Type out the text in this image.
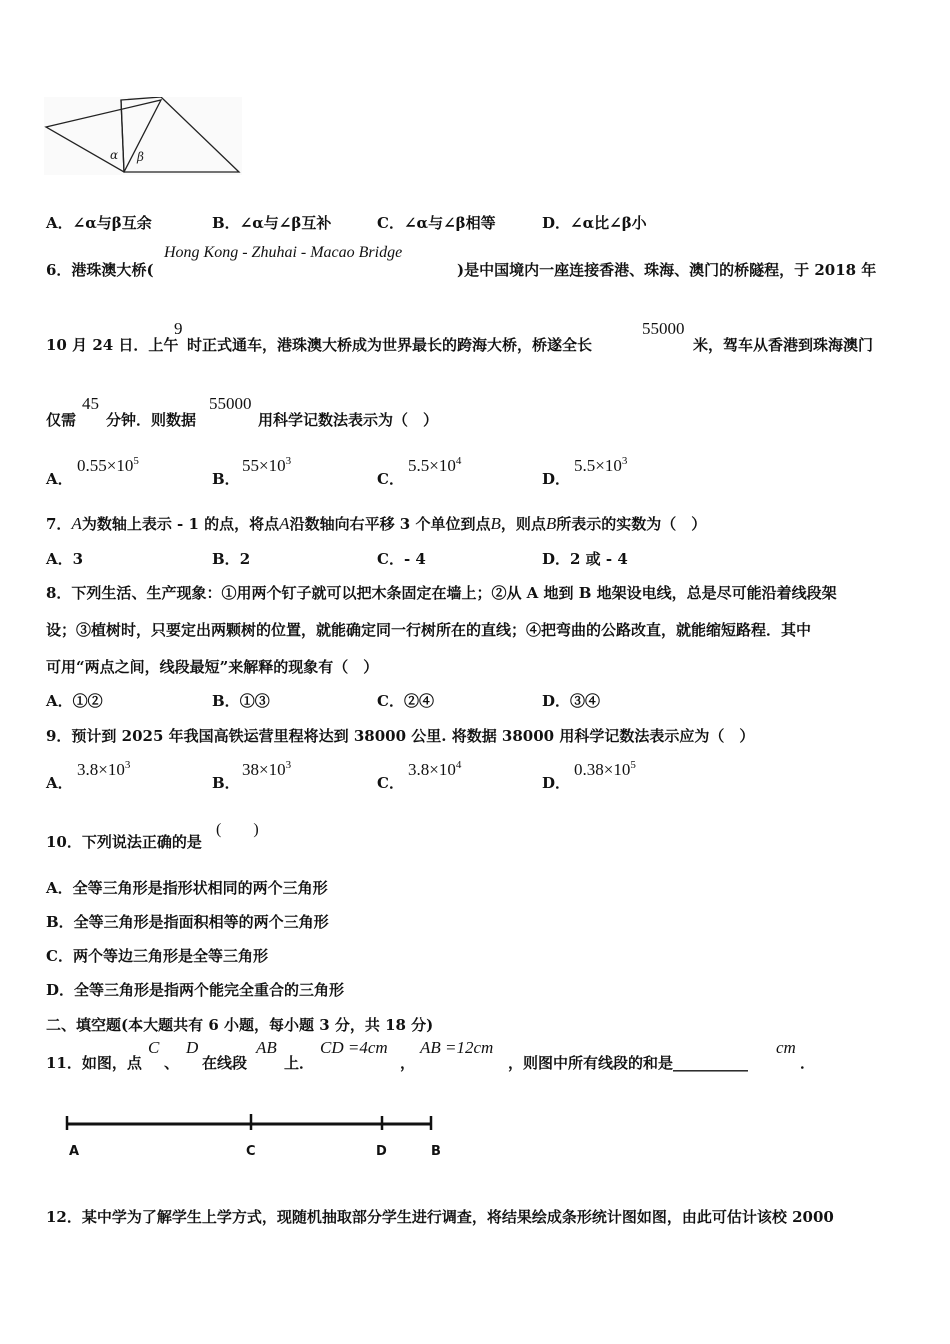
α β
A．∠α与β互余	B．∠α与∠β互补	C．∠α与∠β相等	D．∠α比∠β小
6．港珠澳大桥(
Hong Kong - Zhuhai - Macao Bridge
)是中国境内一座连接香港、珠海、澳门的桥隧程，于 2018 年
10 月 24 日．上午
9
时正式通车，港珠澳大桥成为世界最长的跨海大桥，桥遂全长
55000
米，驾车从香港到珠海澳门
仅需
45
分钟．则数据
55000
用科学记数法表示为（　）
A．
$0.55\times 10^5$
B．
$55\times 10^3$
C．
$5.5\times 10^4$
D．
$5.5\times 10^3$
7．A为数轴上表示 - 1 的点，将点A沿数轴向右平移 3 个单位到点B，则点B所表示的实数为（　）
A．3	B．2	C．- 4	D．2 或 - 4
8．下列生活、生产现象：①用两个钉子就可以把木条固定在墙上；②从 A 地到 B 地架设电线，总是尽可能沿着线段架
设；③植树时，只要定出两颗树的位置，就能确定同一行树所在的直线；④把弯曲的公路改直，就能缩短路程．其中
可用“两点之间，线段最短”来解释的现象有（　）
A．①②	B．①③	C．②④	D．③④
9．预计到 2025 年我国高铁运营里程将达到 38000 公里. 将数据 38000 用科学记数法表示应为（　）
A．
$3.8\times 10^3$
B．
$38\times 10^3$
C．
$3.8\times 10^4$
D．
$0.38\times 10^5$
10．下列说法正确的是
(　　)
A．全等三角形是指形状相同的两个三角形
B．全等三角形是指面积相等的两个三角形
C．两个等边三角形是全等三角形
D．全等三角形是指两个能完全重合的三角形
二、填空题(本大题共有 6 小题，每小题 3 分，共 18 分)
11．如图，点
C
、
D
在线段
AB
上．
CD =4cm
，
AB =12cm
，则图中所有线段的和是__________
cm
．
A	C	D	B
12．某中学为了解学生上学方式，现随机抽取部分学生进行调查，将结果绘成条形统计图如图，由此可估计该校 2000
